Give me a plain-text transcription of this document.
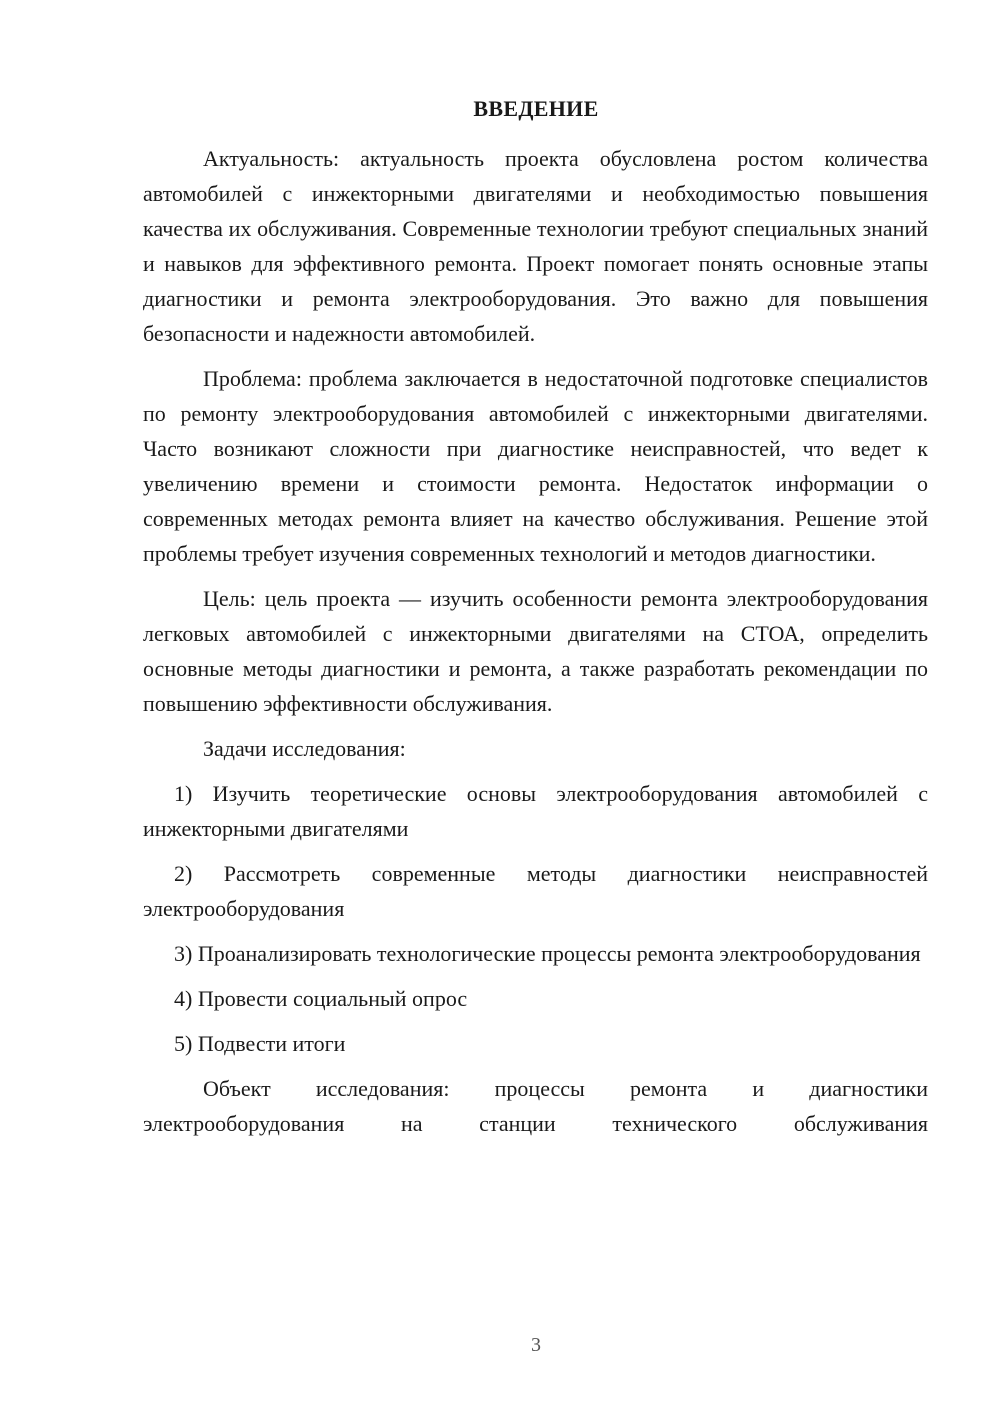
ВВЕДЕНИЕ

Актуальность: актуальность проекта обусловлена ростом количества автомобилей с инжекторными двигателями и необходимостью повышения качества их обслуживания. Современные технологии требуют специальных знаний и навыков для эффективного ремонта. Проект помогает понять основные этапы диагностики и ремонта электрооборудования. Это важно для повышения безопасности и надежности автомобилей.

Проблема: проблема заключается в недостаточной подготовке специалистов по ремонту электрооборудования автомобилей с инжекторными двигателями. Часто возникают сложности при диагностике неисправностей, что ведет к увеличению времени и стоимости ремонта. Недостаток информации о современных методах ремонта влияет на качество обслуживания. Решение этой проблемы требует изучения современных технологий и методов диагностики.

Цель: цель проекта — изучить особенности ремонта электрооборудования легковых автомобилей с инжекторными двигателями на СТОА, определить основные методы диагностики и ремонта, а также разработать рекомендации по повышению эффективности обслуживания.

Задачи исследования:

1) Изучить теоретические основы электрооборудования автомобилей с инжекторными двигателями

2) Рассмотреть современные методы диагностики неисправностей электрооборудования

3) Проанализировать технологические процессы ремонта электрооборудования

4) Провести социальный опрос

5) Подвести итоги

Объект исследования: процессы ремонта и диагностики электрооборудования на станции технического обслуживания

3
